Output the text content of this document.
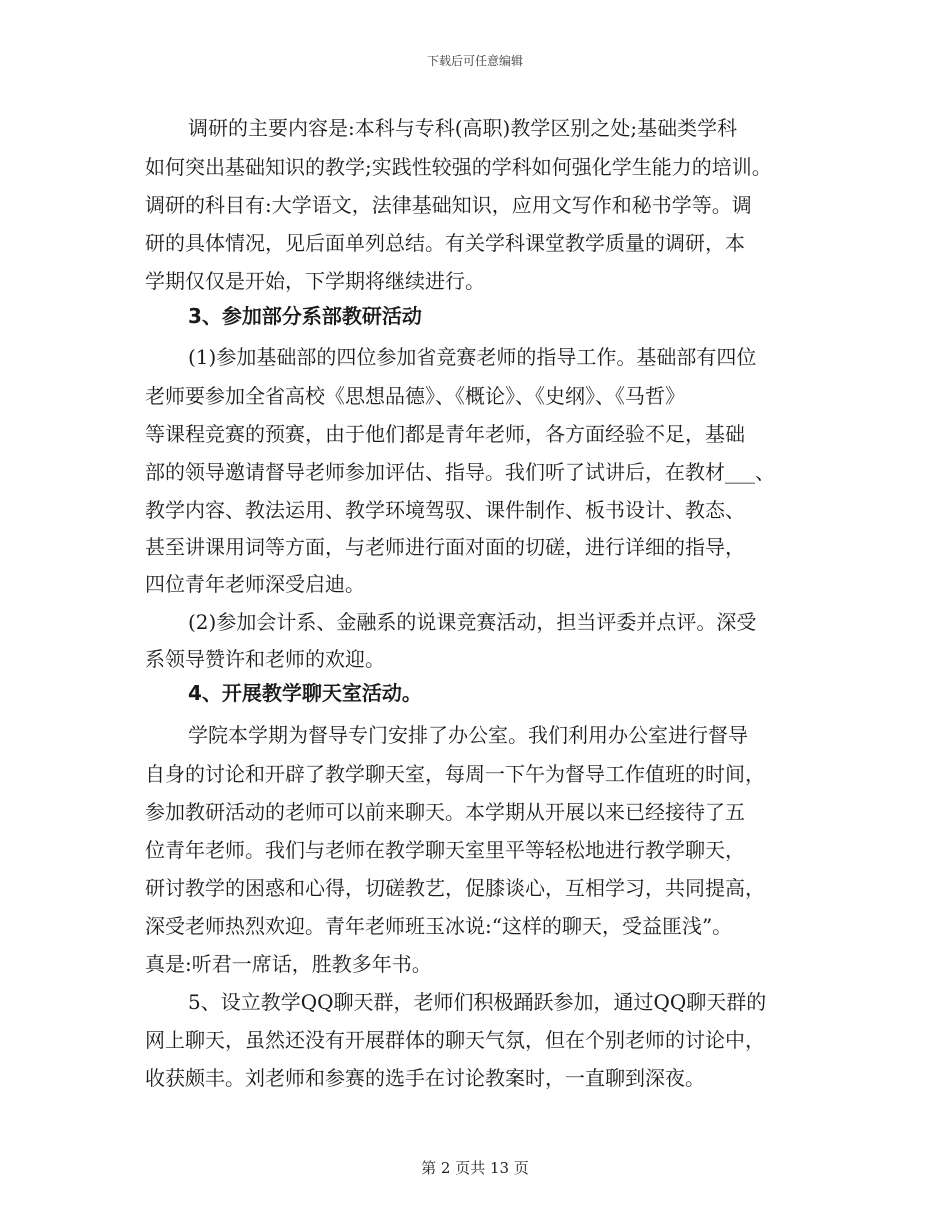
下载后可任意编辑
调研的主要内容是:本科与专科(高职)教学区别之处;基础类学科
如何突出基础知识的教学;实践性较强的学科如何强化学生能力的培训。
调研的科目有:大学语文，法律基础知识，应用文写作和秘书学等。调
研的具体情况，见后面单列总结。有关学科课堂教学质量的调研，本
学期仅仅是开始，下学期将继续进行。
3、参加部分系部教研活动
(1)参加基础部的四位参加省竞赛老师的指导工作。基础部有四位
老师要参加全省高校《思想品德》、《概论》、《史纲》、《马哲》
等课程竞赛的预赛，由于他们都是青年老师，各方面经验不足，基础
部的领导邀请督导老师参加评估、指导。我们听了试讲后，在教材___、
教学内容、教法运用、教学环境驾驭、课件制作、板书设计、教态、
甚至讲课用词等方面，与老师进行面对面的切磋，进行详细的指导，
四位青年老师深受启迪。
(2)参加会计系、金融系的说课竞赛活动，担当评委并点评。深受
系领导赞许和老师的欢迎。
4、开展教学聊天室活动。
学院本学期为督导专门安排了办公室。我们利用办公室进行督导
自身的讨论和开辟了教学聊天室，每周一下午为督导工作值班的时间，
参加教研活动的老师可以前来聊天。本学期从开展以来已经接待了五
位青年老师。我们与老师在教学聊天室里平等轻松地进行教学聊天，
研讨教学的困惑和心得，切磋教艺，促膝谈心，互相学习，共同提高，
深受老师热烈欢迎。青年老师班玉冰说:“这样的聊天，受益匪浅”。
真是:听君一席话，胜教多年书。
5、设立教学QQ聊天群，老师们积极踊跃参加，通过QQ聊天群的
网上聊天，虽然还没有开展群体的聊天气氛，但在个别老师的讨论中，
收获颇丰。刘老师和参赛的选手在讨论教案时，一直聊到深夜。
第 2 页共 13 页
